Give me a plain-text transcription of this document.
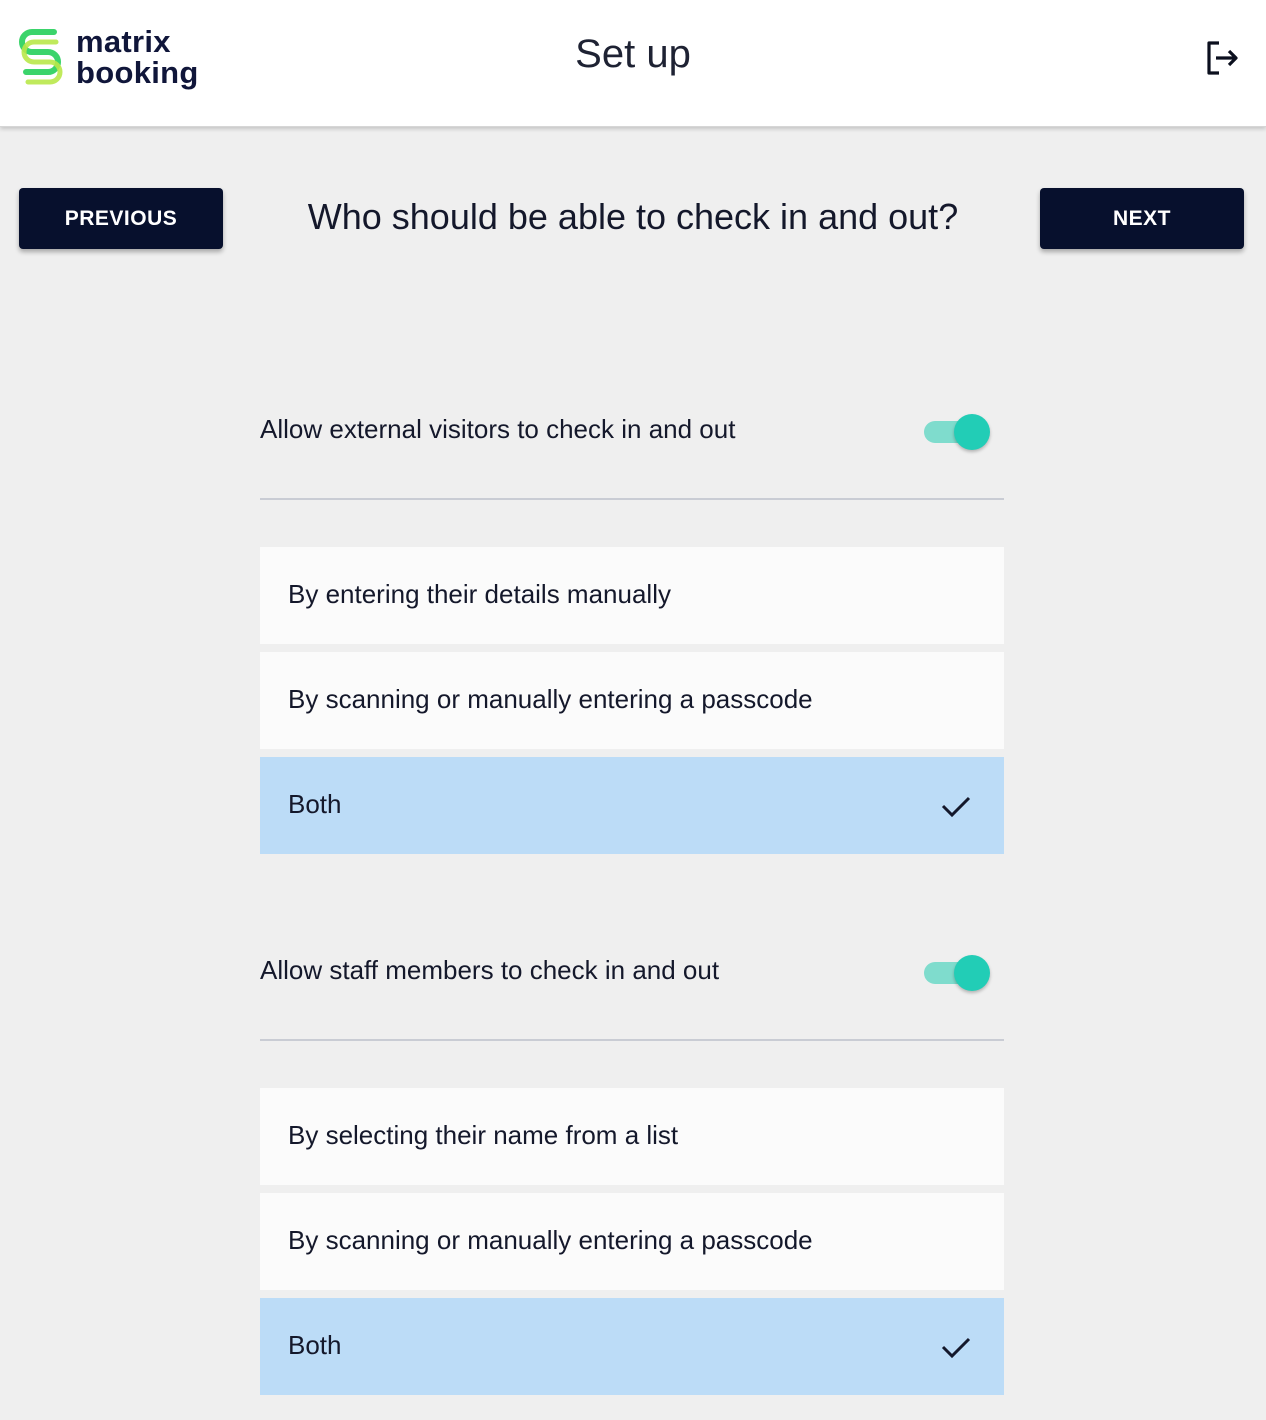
matrix
booking	Set up
PREVIOUS	Who should be able to check in and out?	NEXT
Allow external visitors to check in and out
By entering their details manually
By scanning or manually entering a passcode
Both
Allow staff members to check in and out
By selecting their name from a list
By scanning or manually entering a passcode
Both
